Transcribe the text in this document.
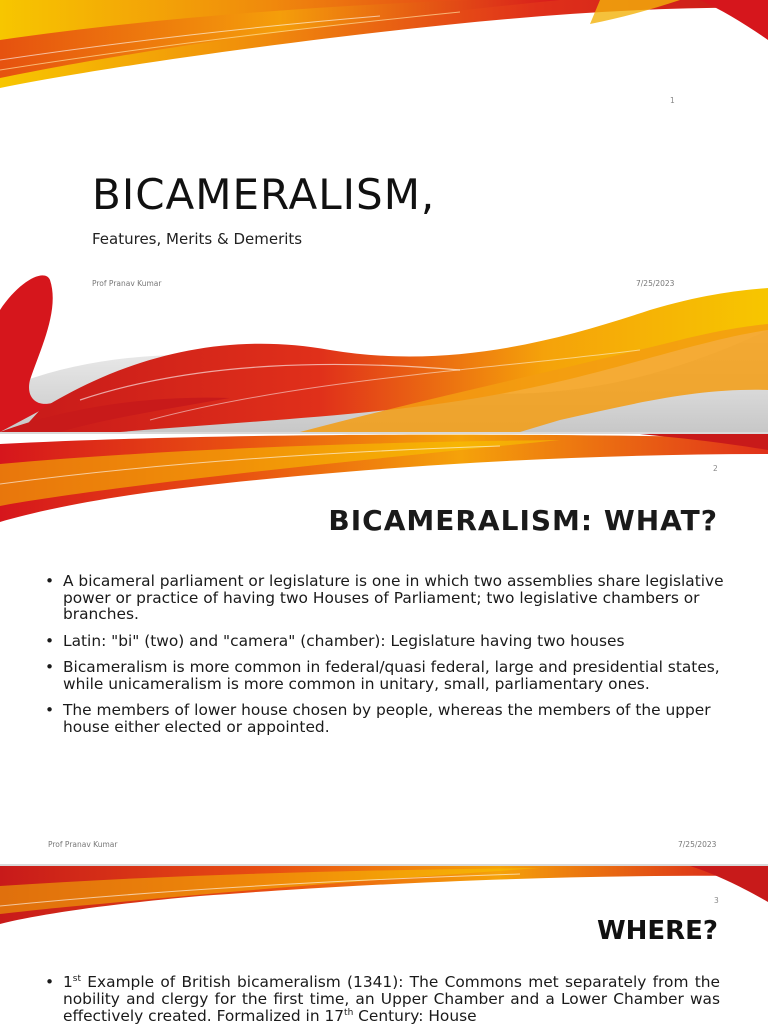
1

BICAMERALISM,

Features, Merits & Demerits

Prof Pranav Kumar	7/25/2023

2

BICAMERALISM: WHAT?
• A bicameral parliament or legislature is one in which two assemblies share legislative power or practice of having two Houses of Parliament; two legislative chambers or branches.
• Latin: "bi" (two) and "camera" (chamber): Legislature having two houses
• Bicameralism is more common in federal/quasi federal, large and presidential states, while unicameralism is more common in unitary, small, parliamentary ones.
• The members of lower house chosen by people, whereas the members of the upper house either elected or appointed.

Prof Pranav Kumar	7/25/2023

3

WHERE?
• 1st Example of British bicameralism (1341): The Commons met separately from the nobility and clergy for the first time, an Upper Chamber and a Lower Chamber was effectively created. Formalized in 17th Century: House
